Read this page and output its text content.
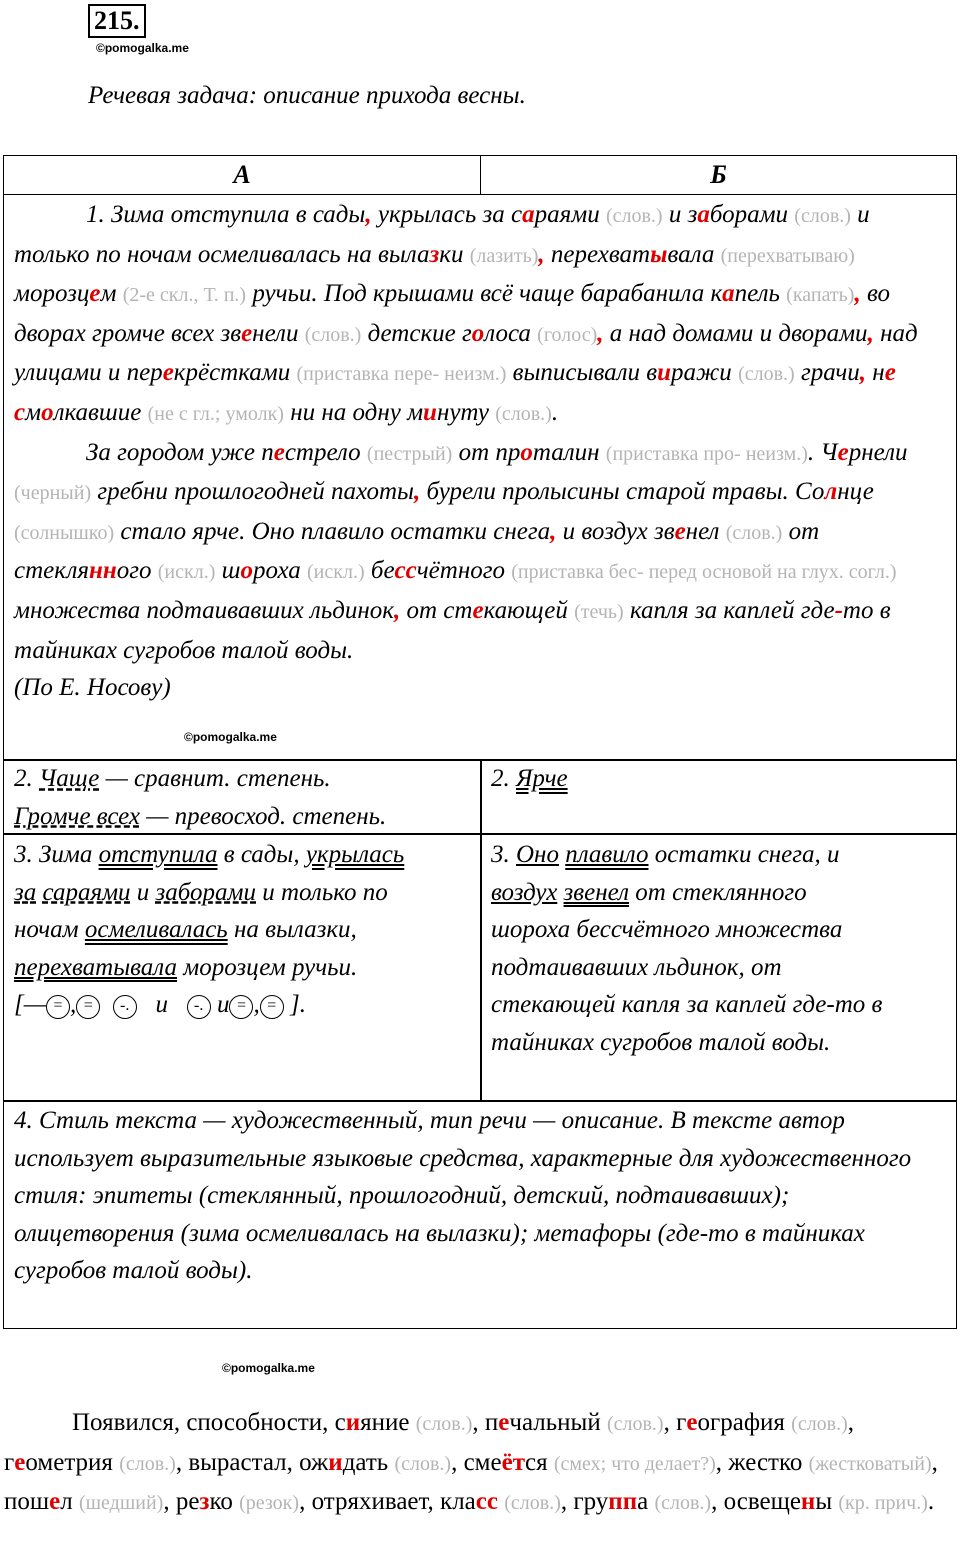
215.
©pomogalka.me
Речевая задача: описание прихода весны.
А	Б

1. Зима отступила в сады, укрылась за сараями (слов.) и заборами (слов.) и только по ночам осмеливалась на вылазки (лазить), перехватывала (перехватываю) морозцем (2-е скл., Т. п.) ручьи. Под крышами всё чаще барабанила капель (капать), во дворах громче всех звенели (слов.) детские голоса (голос), а над домами и дворами, над улицами и перекрёстками (приставка пере- неизм.) выписывали виражи (слов.) грачи, не смолкавшие (не с гл.; умолк) ни на одну минуту (слов.).

За городом уже пестрело (пестрый) от проталин (приставка про- неизм.). Чернели (черный) гребни прошлогодней пахоты, бурели пролысины старой травы. Солнце (солнышко) стало ярче. Оно плавило остатки снега, и воздух звенел (слов.) от стеклянного (искл.) шороха (искл.) бессчётного (приставка бес- перед основой на глух. согл.) множества подтаивавших льдинок, от стекающей (течь) капля за каплей где-то в тайниках сугробов талой воды.

(По Е. Носову)

©pomogalka.me
2. Чаще — сравнит. степень.
Громче всех — превосход. степень.
2. Ярче
3. Зима отступила в сады, укрылась
за сараями и заборами и только по
ночам осмеливалась на вылазки,
перехватывала морозцем ручьи.
[— = , = -.   и   -. и = , = ].
3. Оно плавило остатки снега, и
воздух звенел от стеклянного
шороха бессчётного множества
подтаивавших льдинок, от
стекающей капля за каплей где-то в
тайниках сугробов талой воды.
4. Стиль текста — художественный, тип речи — описание. В тексте автор использует выразительные языковые средства, характерные для художественного стиля: эпитеты (стеклянный, прошлогодний, детский, подтаивавших); олицетворения (зима осмеливалась на вылазки); метафоры (где-то в тайниках сугробов талой воды).
©pomogalka.me

Появился, способности, сияние (слов.), печальный (слов.), география (слов.), геометрия (слов.), вырастал, ожидать (слов.), смеётся (смех; что делает?), жестко (жестковатый), пошел (шедший), резко (резок), отряхивает, класс (слов.), группа (слов.), освещены (кр. прич.).
